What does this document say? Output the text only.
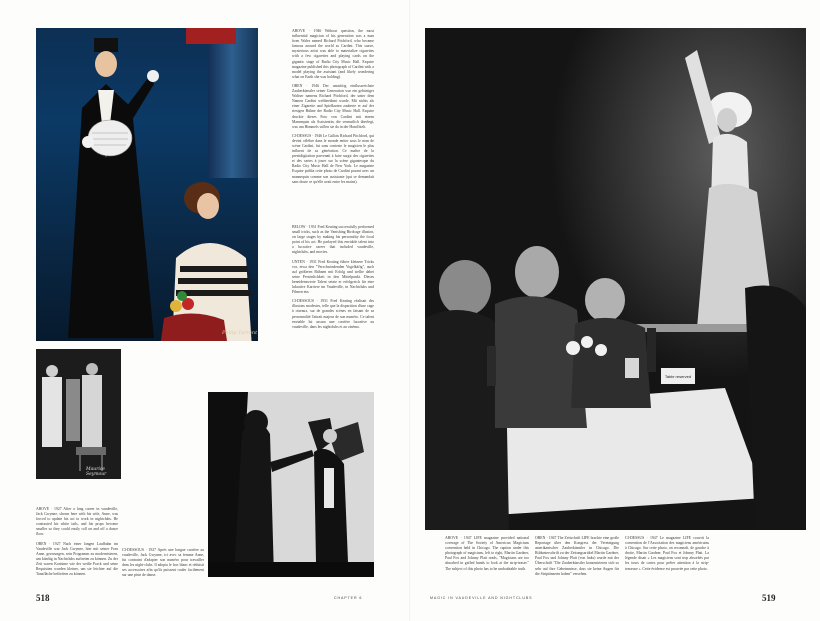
Philip Tarrant

ABOVE · 1946 Without question, the most influential magician of his generation was a man from Wales named Richard Pitchford, who became famous around the world as Cardini. This suave, mysterious artist was able to materialize cigarettes with a few cigarettes and playing cards on the gigantic stage of Radio City Music Hall. Esquire magazine published this photograph of Cardini with a model playing the assistant (and likely wondering what on Earth she was holding).

OBEN · 1946 Der unstrittig einflussreichste Zauberkünstler seiner Generation war ein gebürtiger Waliser namens Richard Pitchford, der unter dem Namen Cardini weltberühmt wurde. Mit nichts als einer Zigarette und Spielkarten zauberte er auf der riesigen Bühne der Radio City Music Hall. Esquire druckte dieses Foto von Cardini mit einem Mannequin als Assistentin, die vermutlich überlegt, was um Himmels willen sie da in der Hand hielt.

CI-DESSUS · 1946 Le Gallois Richard Pitchford, qui devint célèbre dans le monde entier sous le nom de scène Cardini, fut sans conteste le magicien le plus influent de sa génération. Ce maître de la prestidigitation parvenait à faire surgir des cigarettes et des cartes à jouer sur la scène gigantesque du Radio City Music Hall de New York. Le magazine Esquire publia cette photo de Cardini posant avec un mannequin comme son assistante (qui se demandait sans doute ce qu'elle avait entre les mains).

BELOW · 1931 Fred Keating successfully performed small tricks, such as the Vanishing Birdcage illusion, on large stages by making his personality the focal point of his act. He parlayed this enviable talent into a lucrative career that included vaudeville, nightclubs, and movies.

UNTEN · 1931 Fred Keating führte kleinere Tricks vor, etwa den "Verschwindenden Vogelkäfig", auch auf größeren Bühnen mit Erfolg und stellte dabei seine Persönlichkeit in den Mittelpunkt. Dieses beneidenswerte Talent setzte er erfolgreich für eine lukrative Karriere im Vaudeville, in Nachtclubs und Filmen ein.

CI-DESSOUS · 1931 Fred Keating réalisait des illusions modestes, telle que la disparition d'une cage à oiseaux, sur de grandes scènes en faisant de sa personnalité l'attrait majeur de son numéro. Ce talent enviable lui assura une carrière lucrative au vaudeville, dans les nightclubs et au cinéma.

Maurice Seymour

ABOVE · 1927 After a long career in vaudeville, Jack Gwynne, shown here with his wife, Anne, was forced to update his act to work in nightclubs. He contrasted his white tails, and his props become smaller so they could easily roll on and off a dance floor.

OBEN · 1927 Nach einer langen Laufbahn im Vaudeville war Jack Gwynne, hier mit seiner Frau Anne, gezwungen, sein Programm zu modernisieren, um künftig in Nachtclubs auftreten zu können. Zu der Zeit waren Kostüme wie der weiße Frack und seine Requisiten wurden kleiner, um sie leichter auf die Tanzfläche befördern zu können.

CI-DESSOUS · 1927 Après une longue carrière au vaudeville, Jack Gwynne, ici avec sa femme Anne, fut contraint d'adapter son numéro pour travailler dans les night-clubs. Il adopta le frac blanc et réduisit ses accessoires afin qu'ils puissent rouler facilement sur une piste de danse.

518	CHAPTER 6
Table reserved

ABOVE · 1947 LIFE magazine provided national coverage of The Society of American Magicians convention held in Chicago. The caption under this photograph of magicians, left to right, Martin Gardner, Paul Fox and Johnny Platt reads, "Magicians are too absorbed in gaffed hands to look at the strip-teaser." The subject of this photo has to be undoubtable truth.

OBEN · 1947 The Zeitschrift LIFE brachte eine große Reportage über den Kongress der Vereinigung amerikanischer Zauberkünstler in Chicago. Die Bildunterschrift zu der Zeitungsartikel Martin Gardner, Paul Fox und Johnny Platt (von links) wurde mit der Überschrift "Die Zauberkünstler konzentrieren sich so sehr auf ihre Geheimnisse, dass sie keine Augen für die Striptänzerin haben" versehen.

CI-DESSUS · 1947 Le magazine LIFE couvrit la convention de l'Association des magiciens américains à Chicago. Sur cette photo, on reconnaît, de gauche à droite, Martin Gardner, Paul Fox et Johnny Platt. La légende disait « Les magiciens sont trop absorbés par les tours de cartes pour prêter attention à la strip-teaseuse ». Cette évidence est prouvée par cette photo.

MAGIC IN VAUDEVILLE AND NIGHTCLUBS	519
